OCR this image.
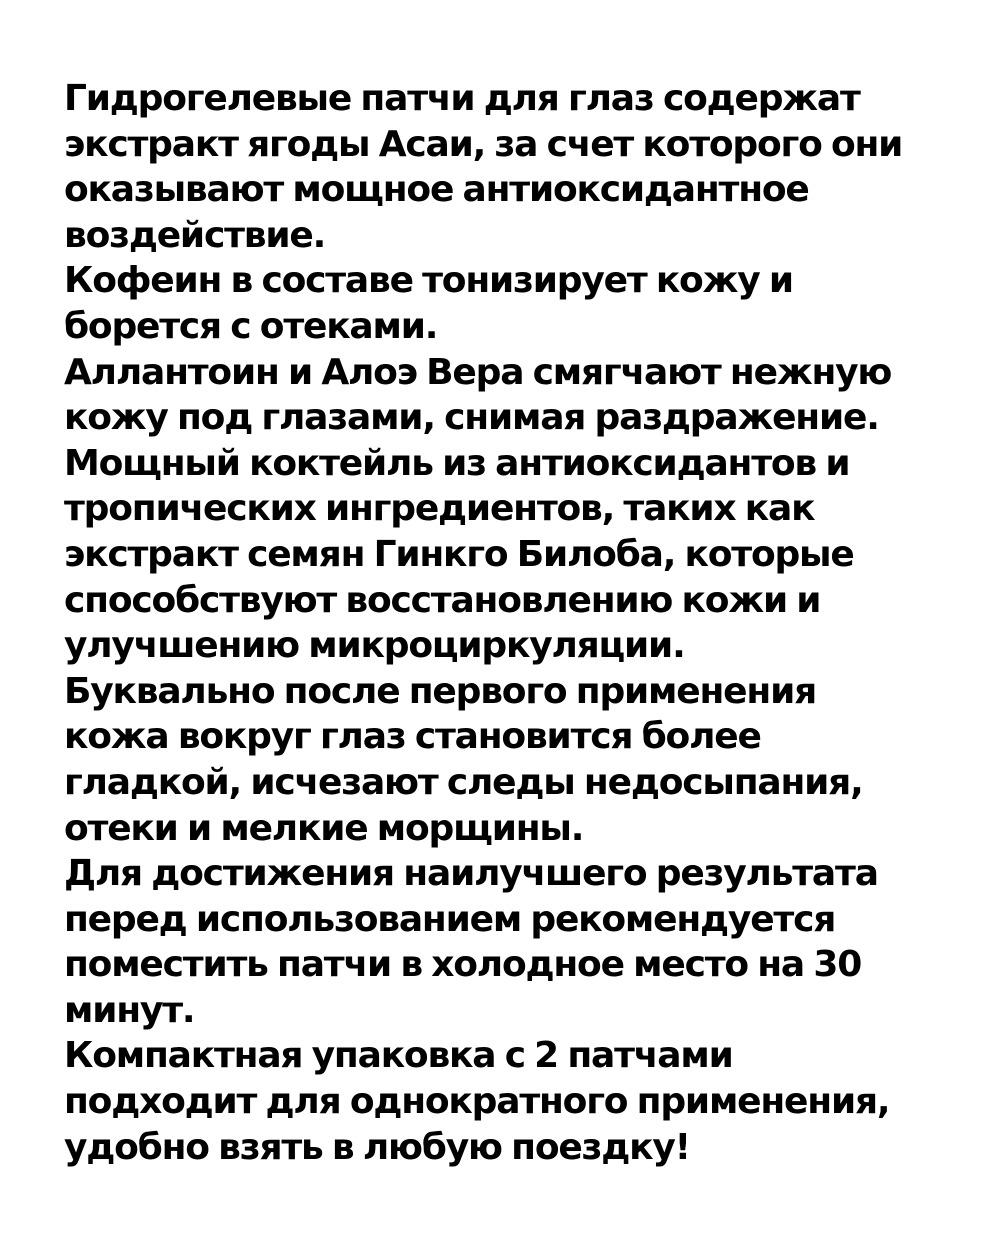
Гидрогелевые патчи для глаз содержат
экстракт ягоды Асаи, за счет которого они
оказывают мощное антиоксидантное
воздействие.
Кофеин в составе тонизирует кожу и
борется с отеками.
Аллантоин и Алоэ Вера смягчают нежную
кожу под глазами, снимая раздражение.
Мощный коктейль из антиоксидантов и
тропических ингредиентов, таких как
экстракт семян Гинкго Билоба, которые
способствуют восстановлению кожи и
улучшению микроциркуляции.
Буквально после первого применения
кожа вокруг глаз становится более
гладкой, исчезают следы недосыпания,
отеки и мелкие морщины.
Для достижения наилучшего результата
перед использованием рекомендуется
поместить патчи в холодное место на 30
минут.
Компактная упаковка с 2 патчами
подходит для однократного применения,
удобно взять в любую поездку!
